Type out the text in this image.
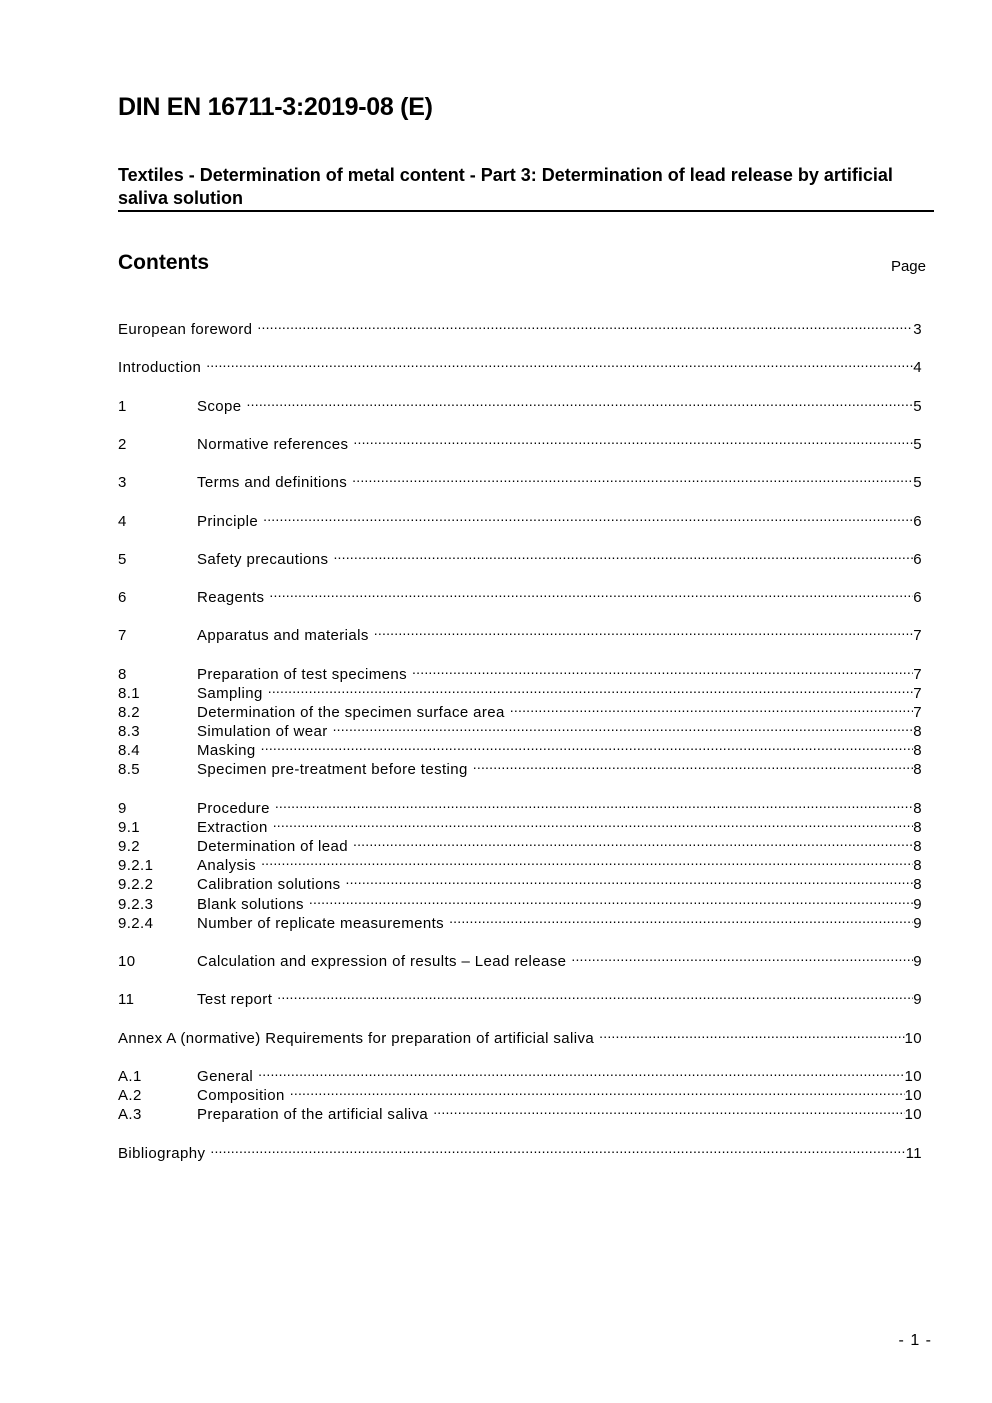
DIN EN 16711-3:2019-08 (E)
Textiles - Determination of metal content - Part 3: Determination of lead release by artificial saliva solution
Contents	Page
European foreword .....	3
Introduction .....	4
1	Scope .....	5
2	Normative references .....	5
3	Terms and definitions .....	5
4	Principle .....	6
5	Safety precautions .....	6
6	Reagents .....	6
7	Apparatus and materials .....	7
8	Preparation of test specimens .....	7
8.1	Sampling .....	7
8.2	Determination of the specimen surface area .....	7
8.3	Simulation of wear .....	8
8.4	Masking .....	8
8.5	Specimen pre-treatment before testing .....	8
9	Procedure .....	8
9.1	Extraction .....	8
9.2	Determination of lead .....	8
9.2.1	Analysis .....	8
9.2.2	Calibration solutions .....	8
9.2.3	Blank solutions .....	9
9.2.4	Number of replicate measurements .....	9
10	Calculation and expression of results – Lead release .....	9
11	Test report .....	9
Annex A (normative) Requirements for preparation of artificial saliva .....	10
A.1	General .....	10
A.2	Composition .....	10
A.3	Preparation of the artificial saliva .....	10
Bibliography .....	11
- 1 -
